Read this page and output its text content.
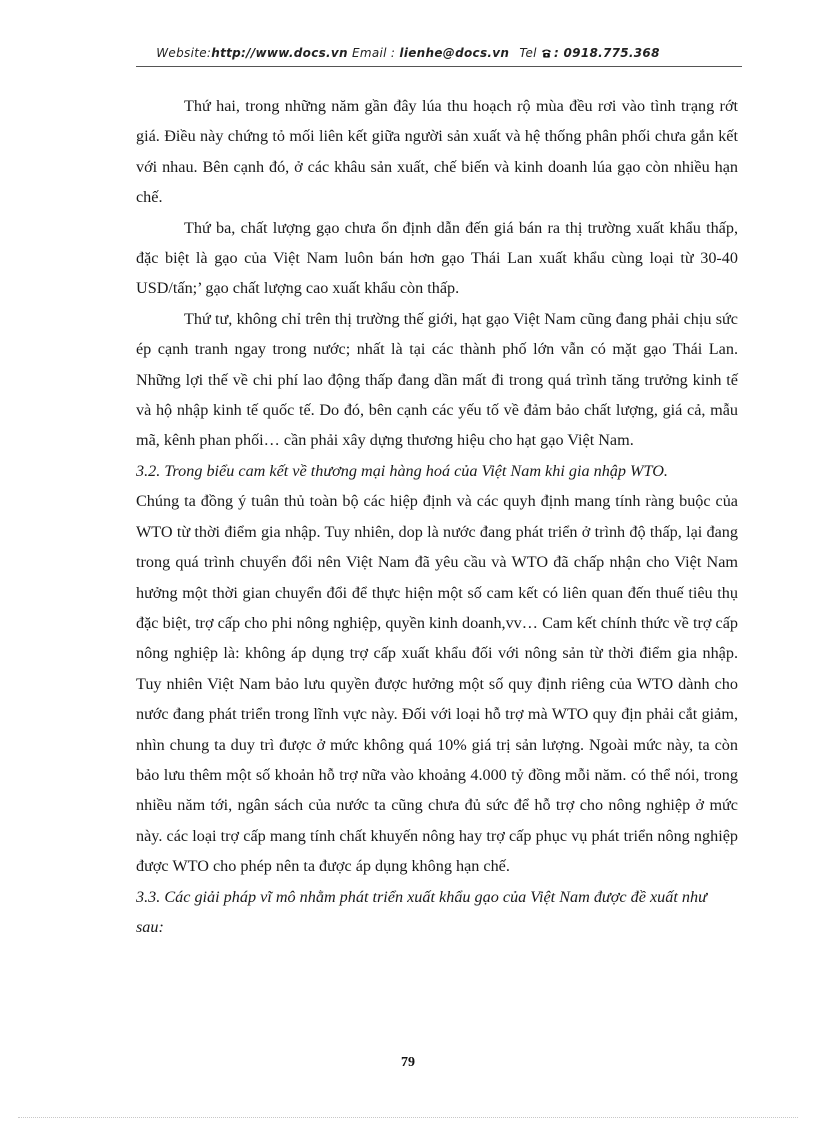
Website:http://www.docs.vn Email : lienhe@docs.vn Tel : 0918.775.368

Thứ hai, trong những năm gần đây lúa thu hoạch rộ mùa đều rơi vào tình trạng rớt giá. Điều này chứng tỏ mối liên kết giữa người sản xuất và hệ thống phân phối chưa gắn kết với nhau. Bên cạnh đó, ở các khâu sản xuất, chế biến và kinh doanh lúa gạo còn nhiều hạn chế.

Thứ ba, chất lượng gạo chưa ổn định dẫn đến giá bán ra thị trường xuất khẩu thấp, đặc biệt là gạo của Việt Nam luôn bán hơn gạo Thái Lan xuất khẩu cùng loại từ 30-40 USD/tấn;’ gạo chất lượng cao xuất khẩu còn thấp.

Thứ tư, không chỉ trên thị trường thế giới, hạt gạo Việt Nam cũng đang phải chịu sức ép cạnh tranh ngay trong nước; nhất là tại các thành phố lớn vẫn có mặt gạo Thái Lan. Những lợi thế về chi phí lao động thấp đang dần mất đi trong quá trình tăng trưởng kinh tế và hộ nhập kinh tế quốc tế. Do đó, bên cạnh các yếu tố về đảm bảo chất lượng, giá cả, mẫu mã, kênh phan phối… cần phải xây dựng thương hiệu cho hạt gạo Việt Nam.

3.2. Trong biểu cam kết về thương mại hàng hoá của Việt Nam khi gia nhập WTO.

Chúng ta đồng ý tuân thủ toàn bộ các hiệp định và các quyh định mang tính ràng buộc của WTO từ thời điểm gia nhập. Tuy nhiên, dop là nước đang phát triển ở trình độ thấp, lại đang trong quá trình chuyển đổi nên Việt Nam đã yêu cầu và WTO đã chấp nhận cho Việt Nam hưởng một thời gian chuyển đổi để thực hiện một số cam kết có liên quan đến thuế tiêu thụ đặc biệt, trợ cấp cho phi nông nghiệp, quyền kinh doanh,vv… Cam kết chính thức về trợ cấp nông nghiệp là: không áp dụng trợ cấp xuất khẩu đối với nông sản từ thời điểm gia nhập. Tuy nhiên Việt Nam bảo lưu quyền được hưởng một số quy định riêng của WTO dành cho nước đang phát triển trong lĩnh vực này. Đối với loại hỗ trợ mà WTO quy địn phải cắt giảm, nhìn chung ta duy trì được ở mức không quá 10% giá trị sản lượng. Ngoài mức này, ta còn bảo lưu thêm một số khoản hỗ trợ nữa vào khoảng 4.000 tỷ đồng mỗi năm. có thể nói, trong nhiều năm tới, ngân sách của nước ta cũng chưa đủ sức để hỗ trợ cho nông nghiệp ở mức này. các loại trợ cấp mang tính chất khuyến nông hay trợ cấp phục vụ phát triển nông nghiệp được WTO cho phép nên ta được áp dụng không hạn chế.

3.3. Các giải pháp vĩ mô nhằm phát triển xuất khẩu gạo của Việt Nam được đề xuất như sau:

79
